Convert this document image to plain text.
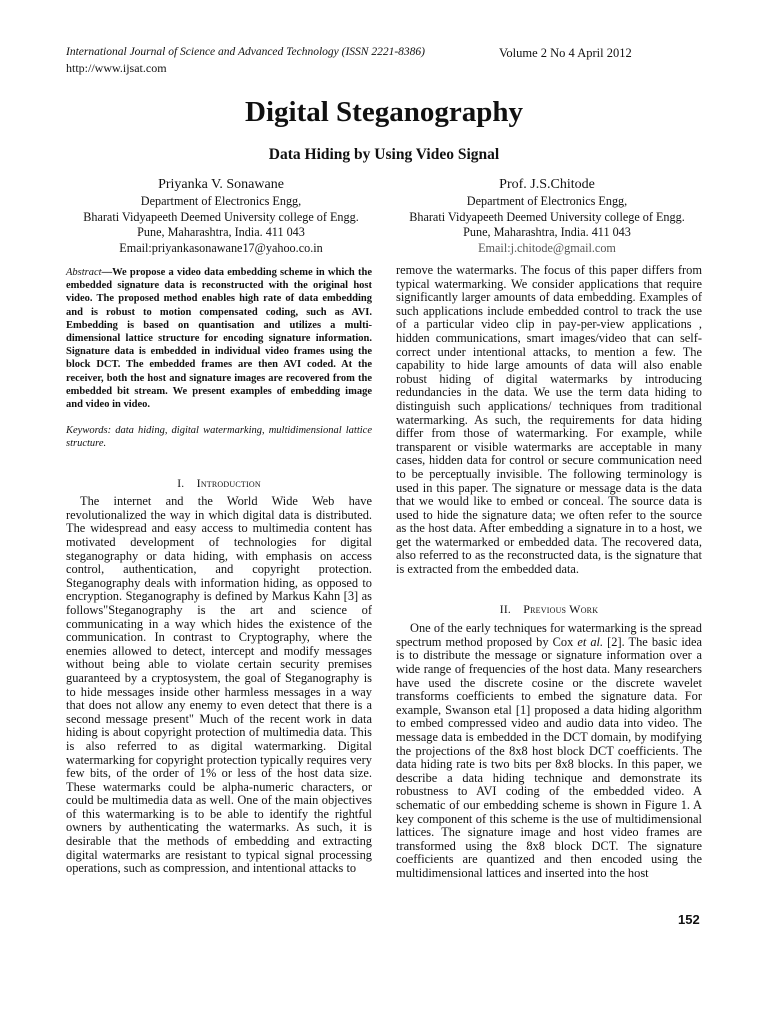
International Journal of Science and Advanced Technology (ISSN 2221-8386)	Volume 2 No 4 April 2012
http://www.ijsat.com
Digital Steganography
Data Hiding by Using Video Signal
Priyanka V. Sonawane
Department of Electronics Engg,
Bharati Vidyapeeth Deemed University college of Engg.
Pune, Maharashtra, India. 411 043
Email:priyankasonawane17@yahoo.co.in
Prof. J.S.Chitode
Department of Electronics Engg,
Bharati Vidyapeeth Deemed University college of Engg.
Pune, Maharashtra, India. 411 043
Email:j.chitode@gmail.com

Abstract—We propose a video data embedding scheme in which the embedded signature data is reconstructed with the original host video. The proposed method enables high rate of data embedding and is robust to motion compensated coding, such as AVI. Embedding is based on quantisation and utilizes a multi-dimensional lattice structure for encoding signature information. Signature data is embedded in individual video frames using the block DCT. The embedded frames are then AVI coded. At the receiver, both the host and signature images are recovered from the embedded bit stream. We present examples of embedding image and video in video.

Keywords: data hiding, digital watermarking, multidimensional lattice structure.

I. Introduction

The internet and the World Wide Web have revolutionalized the way in which digital data is distributed. The widespread and easy access to multimedia content has motivated development of technologies for digital steganography or data hiding, with emphasis on access control, authentication, and copyright protection. Steganography deals with information hiding, as opposed to encryption. Steganography is defined by Markus Kahn [3] as follows"Steganography is the art and science of communicating in a way which hides the existence of the communication. In contrast to Cryptography, where the enemies allowed to detect, intercept and modify messages without being able to violate certain security premises guaranteed by a cryptosystem, the goal of Steganography is to hide messages inside other harmless messages in a way that does not allow any enemy to even detect that there is a second message present" Much of the recent work in data hiding is about copyright protection of multimedia data. This is also referred to as digital watermarking. Digital watermarking for copyright protection typically requires very few bits, of the order of 1% or less of the host data size. These watermarks could be alpha-numeric characters, or could be multimedia data as well. One of the main objectives of this watermarking is to be able to identify the rightful owners by authenticating the watermarks. As such, it is desirable that the methods of embedding and extracting digital watermarks are resistant to typical signal processing operations, such as compression, and intentional attacks to

remove the watermarks. The focus of this paper differs from typical watermarking. We consider applications that require significantly larger amounts of data embedding. Examples of such applications include embedded control to track the use of a particular video clip in pay-per-view applications , hidden communications, smart images/video that can self-correct under intentional attacks, to mention a few. The capability to hide large amounts of data will also enable robust hiding of digital watermarks by introducing redundancies in the data. We use the term data hiding to distinguish such applications/ techniques from traditional watermarking. As such, the requirements for data hiding differ from those of watermarking. For example, while transparent or visible watermarks are acceptable in many cases, hidden data for control or secure communication need to be perceptually invisible. The following terminology is used in this paper. The signature or message data is the data that we would like to embed or conceal. The source data is used to hide the signature data; we often refer to the source as the host data. After embedding a signature in to a host, we get the watermarked or embedded data. The recovered data, also referred to as the reconstructed data, is the signature that is extracted from the embedded data.

II. Previous Work

One of the early techniques for watermarking is the spread spectrum method proposed by Cox et al. [2]. The basic idea is to distribute the message or signature information over a wide range of frequencies of the host data. Many researchers have used the discrete cosine or the discrete wavelet transforms coefficients to embed the signature data. For example, Swanson etal [1] proposed a data hiding algorithm to embed compressed video and audio data into video. The message data is embedded in the DCT domain, by modifying the projections of the 8x8 host block DCT coefficients. The data hiding rate is two bits per 8x8 blocks. In this paper, we describe a data hiding technique and demonstrate its robustness to AVI coding of the embedded video. A schematic of our embedding scheme is shown in Figure 1. A key component of this scheme is the use of multidimensional lattices. The signature image and host video frames are transformed using the 8x8 block DCT. The signature coefficients are quantized and then encoded using the multidimensional lattices and inserted into the host

152
